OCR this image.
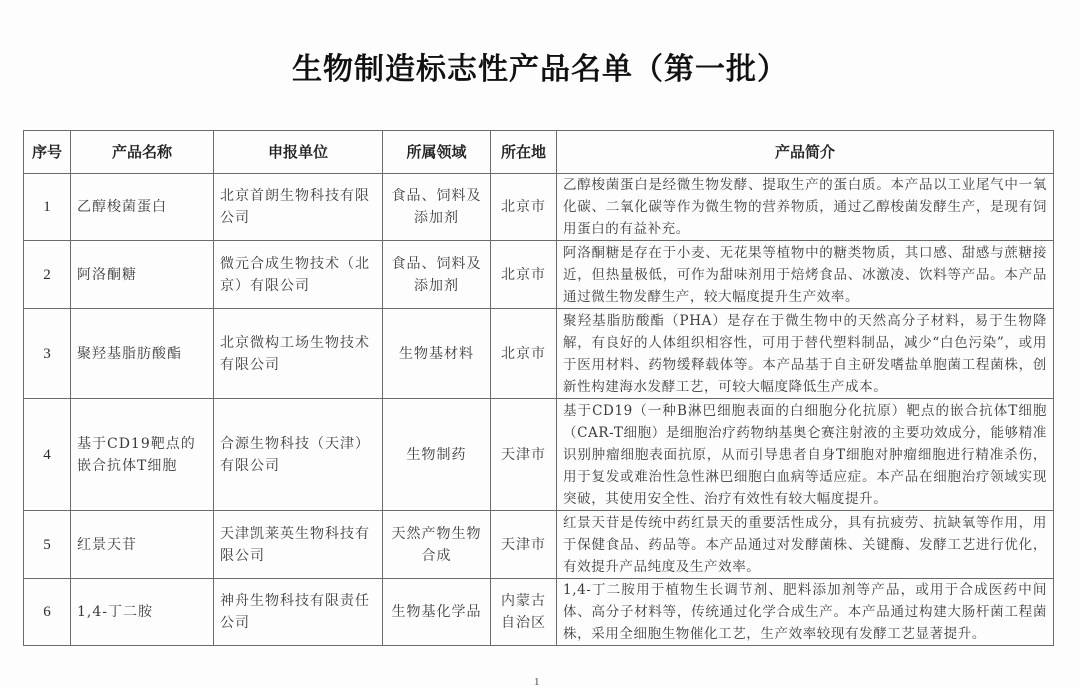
生物制造标志性产品名单（第一批）
序号	产品名称	申报单位	所属领域	所在地	产品简介
1	乙醇梭菌蛋白	北京首朗生物科技有限公司	食品、饲料及添加剂	北京市	乙醇梭菌蛋白是经微生物发酵、提取生产的蛋白质。本产品以工业尾气中一氧化碳、二氧化碳等作为微生物的营养物质，通过乙醇梭菌发酵生产，是现有饲用蛋白的有益补充。
2	阿洛酮糖	微元合成生物技术（北京）有限公司	食品、饲料及添加剂	北京市	阿洛酮糖是存在于小麦、无花果等植物中的糖类物质，其口感、甜感与蔗糖接近，但热量极低，可作为甜味剂用于焙烤食品、冰激凌、饮料等产品。本产品通过微生物发酵生产，较大幅度提升生产效率。
3	聚羟基脂肪酸酯	北京微构工场生物技术有限公司	生物基材料	北京市	聚羟基脂肪酸酯（PHA）是存在于微生物中的天然高分子材料，易于生物降解，有良好的人体组织相容性，可用于替代塑料制品，减少“白色污染”，或用于医用材料、药物缓释载体等。本产品基于自主研发嗜盐单胞菌工程菌株，创新性构建海水发酵工艺，可较大幅度降低生产成本。
4	基于CD19靶点的嵌合抗体T细胞	合源生物科技（天津）有限公司	生物制药	天津市	基于CD19（一种B淋巴细胞表面的白细胞分化抗原）靶点的嵌合抗体T细胞（CAR-T细胞）是细胞治疗药物纳基奥仑赛注射液的主要功效成分，能够精准识别肿瘤细胞表面抗原，从而引导患者自身T细胞对肿瘤细胞进行精准杀伤，用于复发或难治性急性淋巴细胞白血病等适应症。本产品在细胞治疗领域实现突破，其使用安全性、治疗有效性有较大幅度提升。
5	红景天苷	天津凯莱英生物科技有限公司	天然产物生物合成	天津市	红景天苷是传统中药红景天的重要活性成分，具有抗疲劳、抗缺氧等作用，用于保健食品、药品等。本产品通过对发酵菌株、关键酶、发酵工艺进行优化，有效提升产品纯度及生产效率。
6	1,4-丁二胺	神舟生物科技有限责任公司	生物基化学品	内蒙古自治区	1,4-丁二胺用于植物生长调节剂、肥料添加剂等产品，或用于合成医药中间体、高分子材料等，传统通过化学合成生产。本产品通过构建大肠杆菌工程菌株，采用全细胞生物催化工艺，生产效率较现有发酵工艺显著提升。
1
